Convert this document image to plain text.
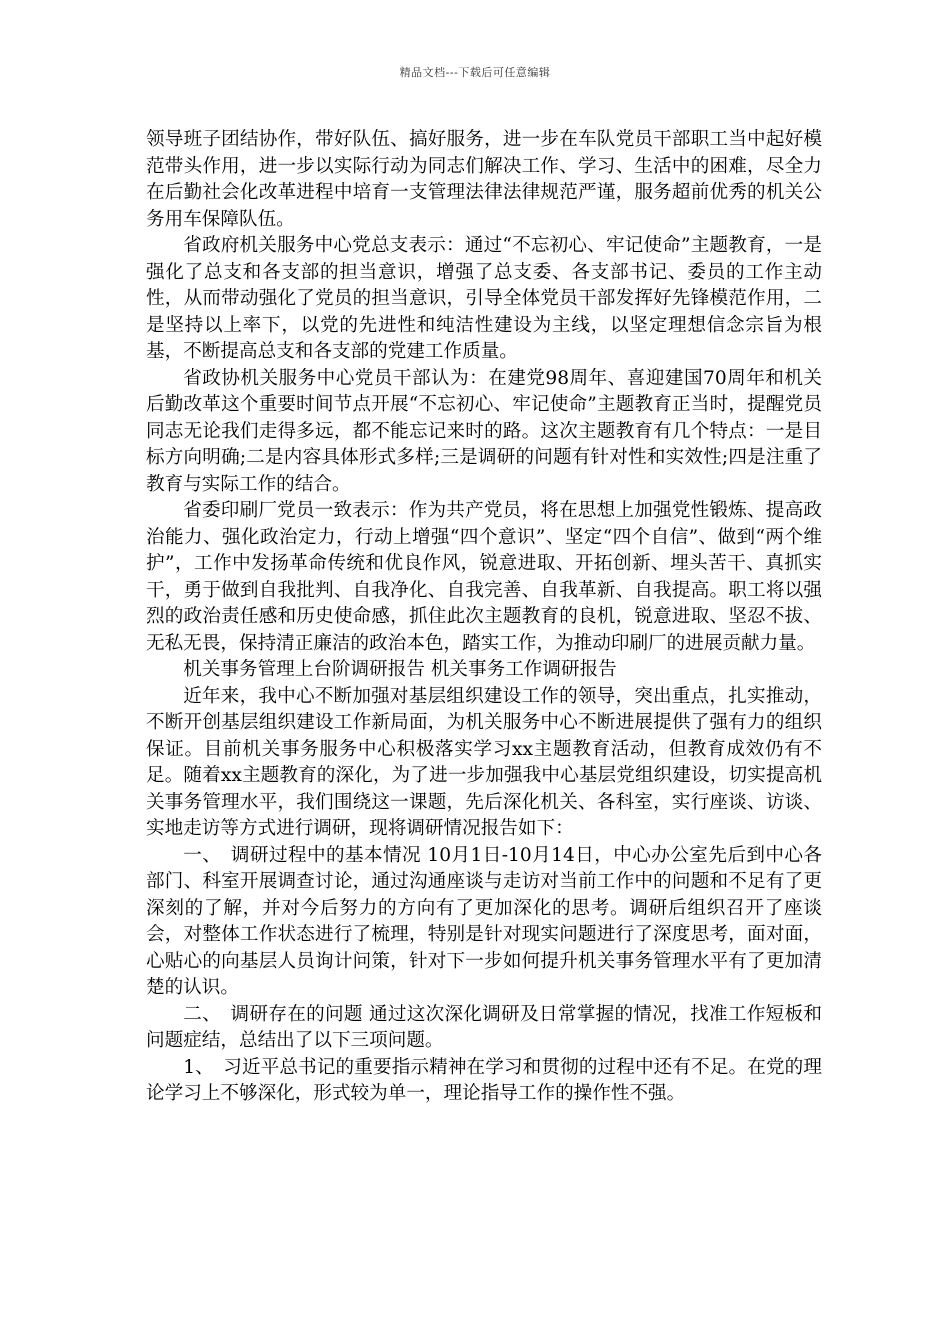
精品文档---下载后可任意编辑

领导班子团结协作，带好队伍、搞好服务，进一步在车队党员干部职工当中起好模范带头作用，进一步以实际行动为同志们解决工作、学习、生活中的困难，尽全力在后勤社会化改革进程中培育一支管理法律法律规范严谨，服务超前优秀的机关公务用车保障队伍。

省政府机关服务中心党总支表示：通过“不忘初心、牢记使命”主题教育，一是强化了总支和各支部的担当意识，增强了总支委、各支部书记、委员的工作主动性，从而带动强化了党员的担当意识，引导全体党员干部发挥好先锋模范作用，二是坚持以上率下，以党的先进性和纯洁性建设为主线，以坚定理想信念宗旨为根基，不断提高总支和各支部的党建工作质量。

省政协机关服务中心党员干部认为：在建党98周年、喜迎建国70周年和机关后勤改革这个重要时间节点开展“不忘初心、牢记使命”主题教育正当时，提醒党员同志无论我们走得多远，都不能忘记来时的路。这次主题教育有几个特点：一是目标方向明确;二是内容具体形式多样;三是调研的问题有针对性和实效性;四是注重了教育与实际工作的结合。

省委印刷厂党员一致表示：作为共产党员，将在思想上加强党性锻炼、提高政治能力、强化政治定力，行动上增强“四个意识”、坚定“四个自信”、做到“两个维护”，工作中发扬革命传统和优良作风，锐意进取、开拓创新、埋头苦干、真抓实干，勇于做到自我批判、自我净化、自我完善、自我革新、自我提高。职工将以强烈的政治责任感和历史使命感，抓住此次主题教育的良机，锐意进取、坚忍不拔、无私无畏，保持清正廉洁的政治本色，踏实工作，为推动印刷厂的进展贡献力量。

机关事务管理上台阶调研报告 机关事务工作调研报告

近年来，我中心不断加强对基层组织建设工作的领导，突出重点，扎实推动，不断开创基层组织建设工作新局面，为机关服务中心不断进展提供了强有力的组织保证。目前机关事务服务中心积极落实学习xx主题教育活动，但教育成效仍有不足。随着xx主题教育的深化，为了进一步加强我中心基层党组织建设，切实提高机关事务管理水平，我们围绕这一课题，先后深化机关、各科室，实行座谈、访谈、实地走访等方式进行调研，现将调研情况报告如下：

一、　调研过程中的基本情况 10月1日-10月14日，中心办公室先后到中心各部门、科室开展调查讨论，通过沟通座谈与走访对当前工作中的问题和不足有了更深刻的了解，并对今后努力的方向有了更加深化的思考。调研后组织召开了座谈会，对整体工作状态进行了梳理，特别是针对现实问题进行了深度思考，面对面，心贴心的向基层人员询计问策，针对下一步如何提升机关事务管理水平有了更加清楚的认识。

二、　调研存在的问题 通过这次深化调研及日常掌握的情况，找准工作短板和问题症结，总结出了以下三项问题。

1、　习近平总书记的重要指示精神在学习和贯彻的过程中还有不足。在党的理论学习上不够深化，形式较为单一，理论指导工作的操作性不强。
